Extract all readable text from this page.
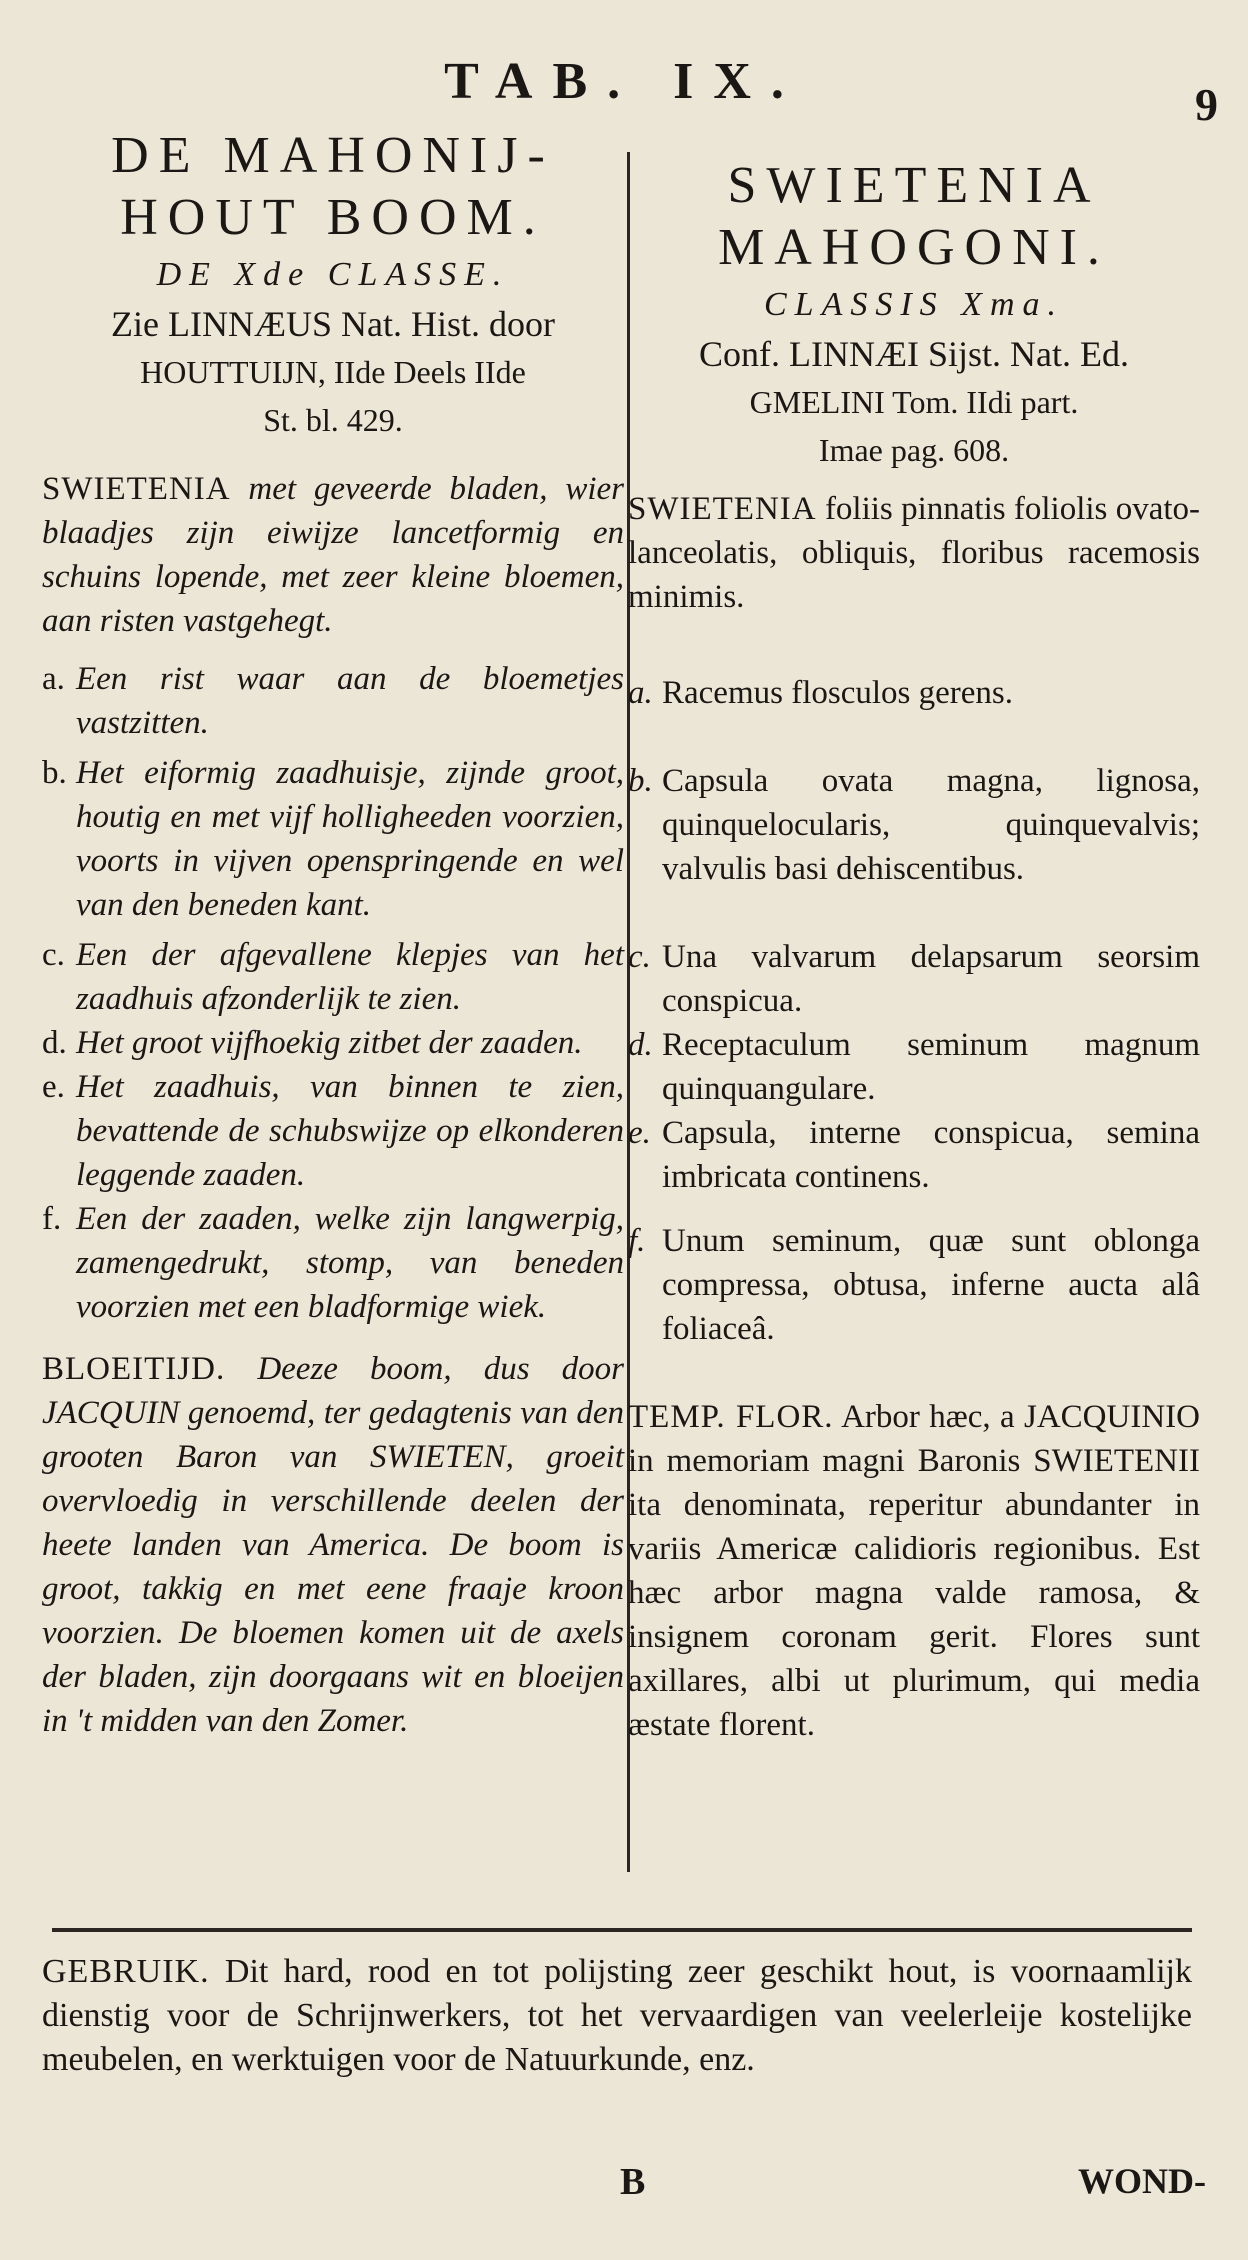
TAB. IX.	9
DE MAHONIJ-
HOUT BOOM.
DE Xde CLASSE.
Zie LINNÆUS Nat. Hist. door
HOUTTUIJN, IIde Deels IIde
St. bl. 429.
SWIETENIA met geveerde bladen, wier blaadjes zijn eiwijze lancetformig en schuins lopende, met zeer kleine bloemen, aan risten vastgehegt.
a. Een rist waar aan de bloemetjes vastzitten.
b. Het eiformig zaadhuisje, zijnde groot, houtig en met vijf holligheeden voorzien, voorts in vijven openspringende en wel van den beneden kant.
c. Een der afgevallene klepjes van het zaadhuis afzonderlijk te zien.
d. Het groot vijfhoekig zitbet der zaaden.
e. Het zaadhuis, van binnen te zien, bevattende de schubswijze op elkonderen leggende zaaden.
f. Een der zaaden, welke zijn langwerpig, zamengedrukt, stomp, van beneden voorzien met een bladformige wiek.
BLOEITIJD. Deeze boom, dus door JACQUIN genoemd, ter gedagtenis van den grooten Baron van SWIETEN, groeit overvloedig in verschillende deelen der heete landen van America. De boom is groot, takkig en met eene fraaje kroon voorzien. De bloemen komen uit de axels der bladen, zijn doorgaans wit en bloeijen in 't midden van den Zomer.
SWIETENIA
MAHOGONI.
CLASSIS Xma.
Conf. LINNÆI Sijst. Nat. Ed.
GMELINI Tom. IIdi part.
Imae pag. 608.
SWIETENIA foliis pinnatis foliolis ovato-lanceolatis, obliquis, floribus racemosis minimis.
a. Racemus flosculos gerens.
b. Capsula ovata magna, lignosa, quinquelocularis, quinquevalvis; valvulis basi dehiscentibus.
c. Una valvarum delapsarum seorsim conspicua.
d. Receptaculum seminum magnum quinquangulare.
e. Capsula, interne conspicua, semina imbricata continens.
f. Unum seminum, quæ sunt oblonga compressa, obtusa, inferne aucta alâ foliaceâ.
TEMP. FLOR. Arbor hæc, a JACQUINIO in memoriam magni Baronis SWIETENII ita denominata, reperitur abundanter in variis Americæ calidioris regionibus. Est hæc arbor magna valde ramosa, & insignem coronam gerit. Flores sunt axillares, albi ut plurimum, qui media æstate florent.
GEBRUIK. Dit hard, rood en tot polijsting zeer geschikt hout, is voornaamlijk dienstig voor de Schrijnwerkers, tot het vervaardigen van veelerleije kostelijke meubelen, en werktuigen voor de Natuurkunde, enz.
B	WOND-
